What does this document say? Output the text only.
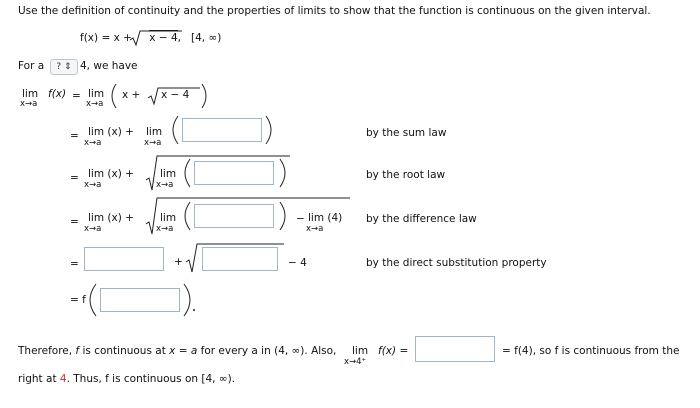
Use the definition of continuity and the properties of limits to show that the function is continuous on the given interval.
f(x) = x + x − 4,   [4, ∞)
For a	? ⇕ 4, we have
lim f(x)
x→a
= lim
x→a
x + x − 4
= lim (x) +
x→a
lim
x→a
by the sum law
= lim (x) +
x→a
lim
x→a
by the root law
= lim (x) +
x→a
lim
x→a
− lim (4)
x→a
by the difference law
=	+	− 4	by the direct substitution property
= f
Therefore, f is continuous at x = a for every a in (4, ∞). Also, lim
x→4⁺
f(x) =	= f(4), so f is continuous from the
right at 4. Thus, f is continuous on [4, ∞).
